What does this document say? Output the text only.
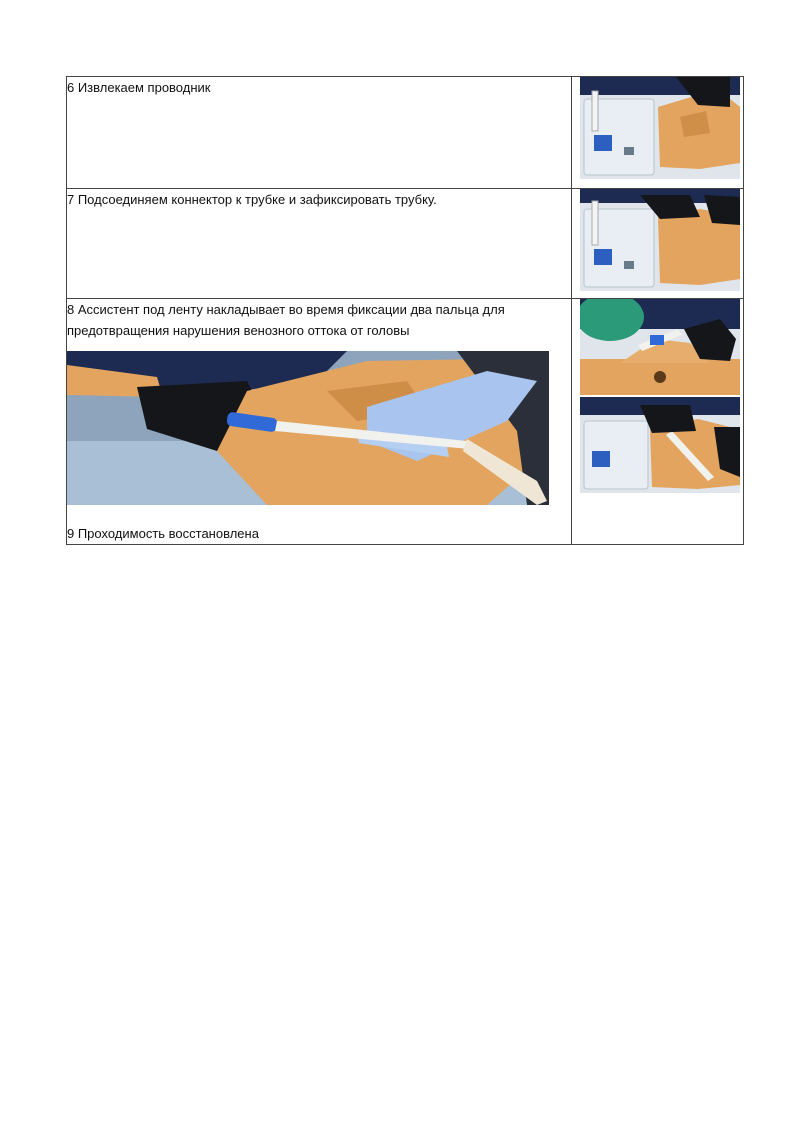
6 Извлекаем проводник

7 Подсоединяем коннектор к трубке и зафиксировать трубку.

8 Ассистент под ленту накладывает во время фиксации два пальца для предотвращения нарушения венозного оттока от головы

9 Проходимость восстановлена
